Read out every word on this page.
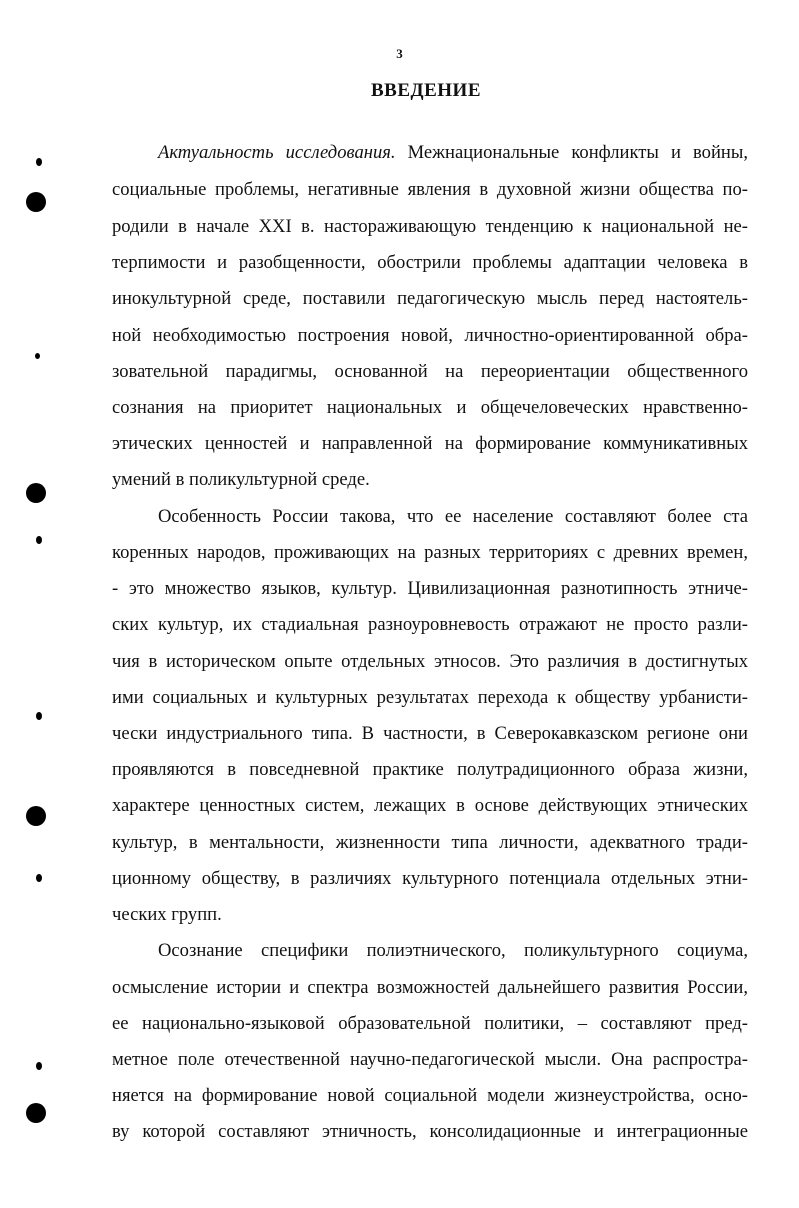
3
ВВЕДЕНИЕ
Актуальность исследования. Межнациональные конфликты и войны,
социальные проблемы, негативные явления в духовной жизни общества по-
родили в начале XXI в. настораживающую тенденцию к национальной не-
терпимости и разобщенности, обострили проблемы адаптации человека в
инокультурной среде, поставили педагогическую мысль перед настоятель-
ной необходимостью построения новой, личностно-ориентированной обра-
зовательной парадигмы, основанной на переориентации общественного
сознания на приоритет национальных и общечеловеческих нравственно-
этических ценностей и направленной на формирование коммуникативных
умений в поликультурной среде.
Особенность России такова, что ее население составляют более ста
коренных народов, проживающих на разных территориях с древних времен,
- это множество языков, культур. Цивилизационная разнотипность этниче-
ских культур, их стадиальная разноуровневость отражают не просто разли-
чия в историческом опыте отдельных этносов. Это различия в достигнутых
ими социальных и культурных результатах перехода к обществу урбанисти-
чески индустриального типа. В частности, в Северокавказском регионе они
проявляются в повседневной практике полутрадиционного образа жизни,
характере ценностных систем, лежащих в основе действующих этнических
культур, в ментальности, жизненности типа личности, адекватного тради-
ционному обществу, в различиях культурного потенциала отдельных этни-
ческих групп.
Осознание специфики полиэтнического, поликультурного социума,
осмысление истории и спектра возможностей дальнейшего развития России,
ее национально-языковой образовательной политики, – составляют пред-
метное поле отечественной научно-педагогической мысли. Она распростра-
няется на формирование новой социальной модели жизнеустройства, осно-
ву которой составляют этничность, консолидационные и интеграционные
